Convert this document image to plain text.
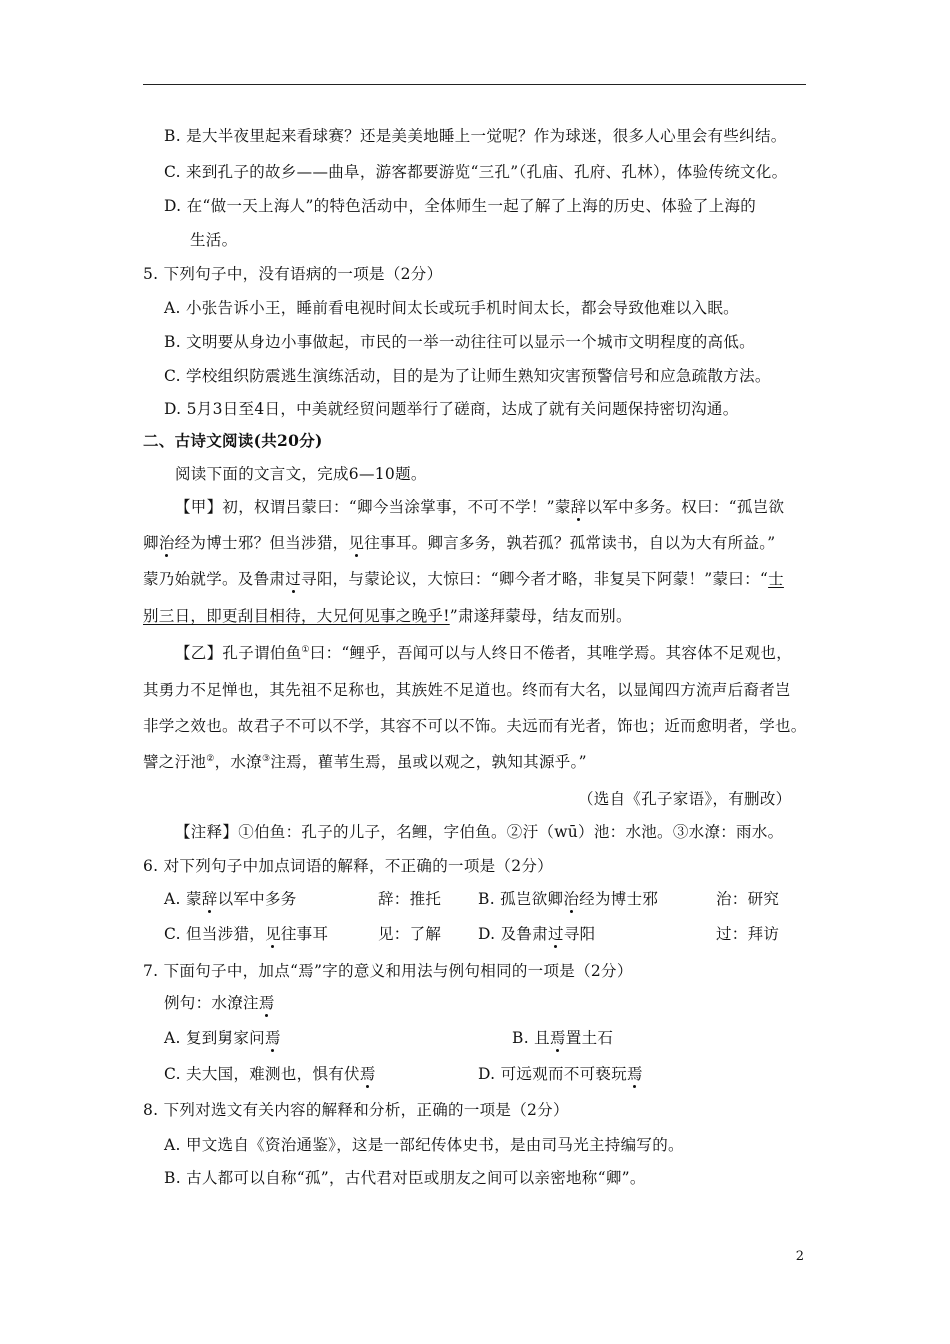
B. 是大半夜里起来看球赛？还是美美地睡上一觉呢？作为球迷，很多人心里会有些纠结。
C. 来到孔子的故乡——曲阜，游客都要游览“三孔”（孔庙、孔府、孔林），体验传统文化。
D. 在“做一天上海人”的特色活动中，全体师生一起了解了上海的历史、体验了上海的
生活。
5. 下列句子中，没有语病的一项是（2分）
A. 小张告诉小王，睡前看电视时间太长或玩手机时间太长，都会导致他难以入眠。
B. 文明要从身边小事做起，市民的一举一动往往可以显示一个城市文明程度的高低。
C. 学校组织防震逃生演练活动，目的是为了让师生熟知灾害预警信号和应急疏散方法。
D. 5月3日至4日，中美就经贸问题举行了磋商，达成了就有关问题保持密切沟通。
二、古诗文阅读(共20分)
阅读下面的文言文，完成6—10题。
【甲】初，权谓吕蒙曰：“卿今当涂掌事，不可不学！”蒙辞以军中多务。权曰：“孤岂欲
卿治经为博士邪？但当涉猎，见往事耳。卿言多务，孰若孤？孤常读书，自以为大有所益。”
蒙乃始就学。及鲁肃过寻阳，与蒙论议，大惊曰：“卿今者才略，非复吴下阿蒙！”蒙曰：“士
别三日，即更刮目相待，大兄何见事之晚乎!”肃遂拜蒙母，结友而别。
【乙】孔子谓伯鱼①曰：“鲤乎，吾闻可以与人终日不倦者，其唯学焉。其容体不足观也，
其勇力不足惮也，其先祖不足称也，其族姓不足道也。终而有大名，以显闻四方流声后裔者岂
非学之效也。故君子不可以不学，其容不可以不饰。夫远而有光者，饰也；近而愈明者，学也。
譬之汙池②，水潦③注焉，雚苇生焉，虽或以观之，孰知其源乎。”
（选自《孔子家语》，有删改）
【注释】①伯鱼：孔子的儿子，名鲤，字伯鱼。②汙（wū）池：水池。③水潦：雨水。
6. 对下列句子中加点词语的解释，不正确的一项是（2分）
A. 蒙辞以军中多务	辞：推托 B. 孤岂欲卿治经为博士邪	治：研究
C. 但当涉猎，见往事耳	见：了解 D. 及鲁肃过寻阳	过：拜访
7. 下面句子中，加点“焉”字的意义和用法与例句相同的一项是（2分）
例句：水潦注焉
A. 复到舅家问焉	B. 且焉置土石
C. 夫大国，难测也，惧有伏焉	D. 可远观而不可亵玩焉
8. 下列对选文有关内容的解释和分析，正确的一项是（2分）
A. 甲文选自《资治通鉴》，这是一部纪传体史书，是由司马光主持编写的。
B. 古人都可以自称“孤”，古代君对臣或朋友之间可以亲密地称“卿”。
2
